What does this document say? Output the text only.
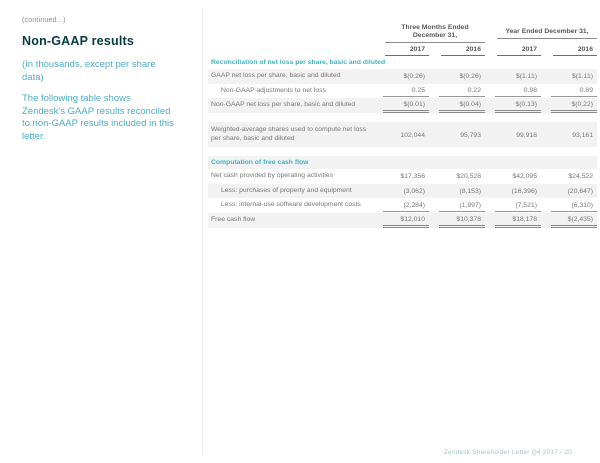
(continued...)
Non-GAAP results
(In thousands, except per share data)
The following table shows Zendesk's GAAP results reconciled to non-GAAP results included in this letter.

	Three Months Ended December 31,		Year Ended December 31,	

	2017	2016	2017	2016

Reconciliation of net loss per share, basic and diluted				
GAAP net loss per share, basic and diluted	$(0.26)	$(0.26)	$(1.11)	$(1.11)

Non-GAAP adjustments to net loss	0.25	0.22	0.98	0.89

Non-GAAP net loss per share, basic and diluted	$(0.01)	$(0.04)	$(0.13)	$(0.22)

Weighted-average shares used to compute net loss per share, basic and diluted	102,044	95,793	99,918	93,161

Computation of free cash flow				
Net cash provided by operating activities	$17,356	$20,528	$42,095	$24,522

Less: purchases of property and equipment	(3,062)	(8,153)	(16,396)	(20,647)

Less: internal-use software development costs	(2,284)	(1,997)	(7,521)	(6,310)

Free cash flow	$12,010	$10,378	$18,178	$(2,435)
Zendesk Shareholder Letter Q4 2017 - 20
